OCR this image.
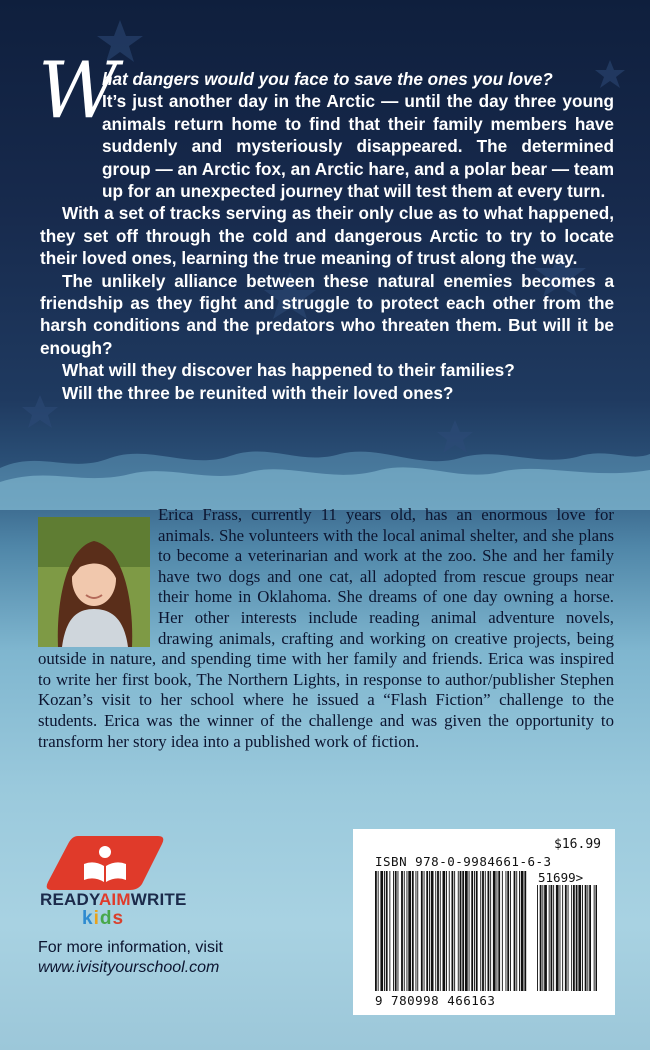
W

hat dangers would you face to save the ones you love?

It’s just another day in the Arctic — until the day three young animals return home to find that their family members have suddenly and mysteriously disappeared. The determined group — an Arctic fox, an Arctic hare, and a polar bear — team up for an unexpected journey that will test them at every turn.

With a set of tracks serving as their only clue as to what happened, they set off through the cold and dangerous Arctic to try to locate their loved ones, learning the true meaning of trust along the way.

The unlikely alliance between these natural enemies becomes a friendship as they fight and struggle to protect each other from the harsh conditions and the predators who threaten them. But will it be enough?

What will they discover has happened to their families?

Will the three be reunited with their loved ones?

Erica Frass, currently 11 years old, has an enormous love for animals. She volunteers with the local animal shelter, and she plans to become a veterinarian and work at the zoo. She and her family have two dogs and one cat, all adopted from rescue groups near their home in Oklahoma. She dreams of one day owning a horse. Her other interests include reading animal adventure novels, drawing animals, crafting and working on creative projects, being outside in nature, and spending time with her family and friends. Erica was inspired to write her first book, The Northern Lights, in response to author/publisher Stephen Kozan’s visit to her school where he issued a “Flash Fiction” challenge to the students. Erica was the winner of the challenge and was given the opportunity to transform her story idea into a published work of fiction.
READYAIMWRITE
kids
For more information, visit
www.ivisityourschool.com
$16.99
ISBN 978-0-9984661-6-3
51699>
9 780998 466163
